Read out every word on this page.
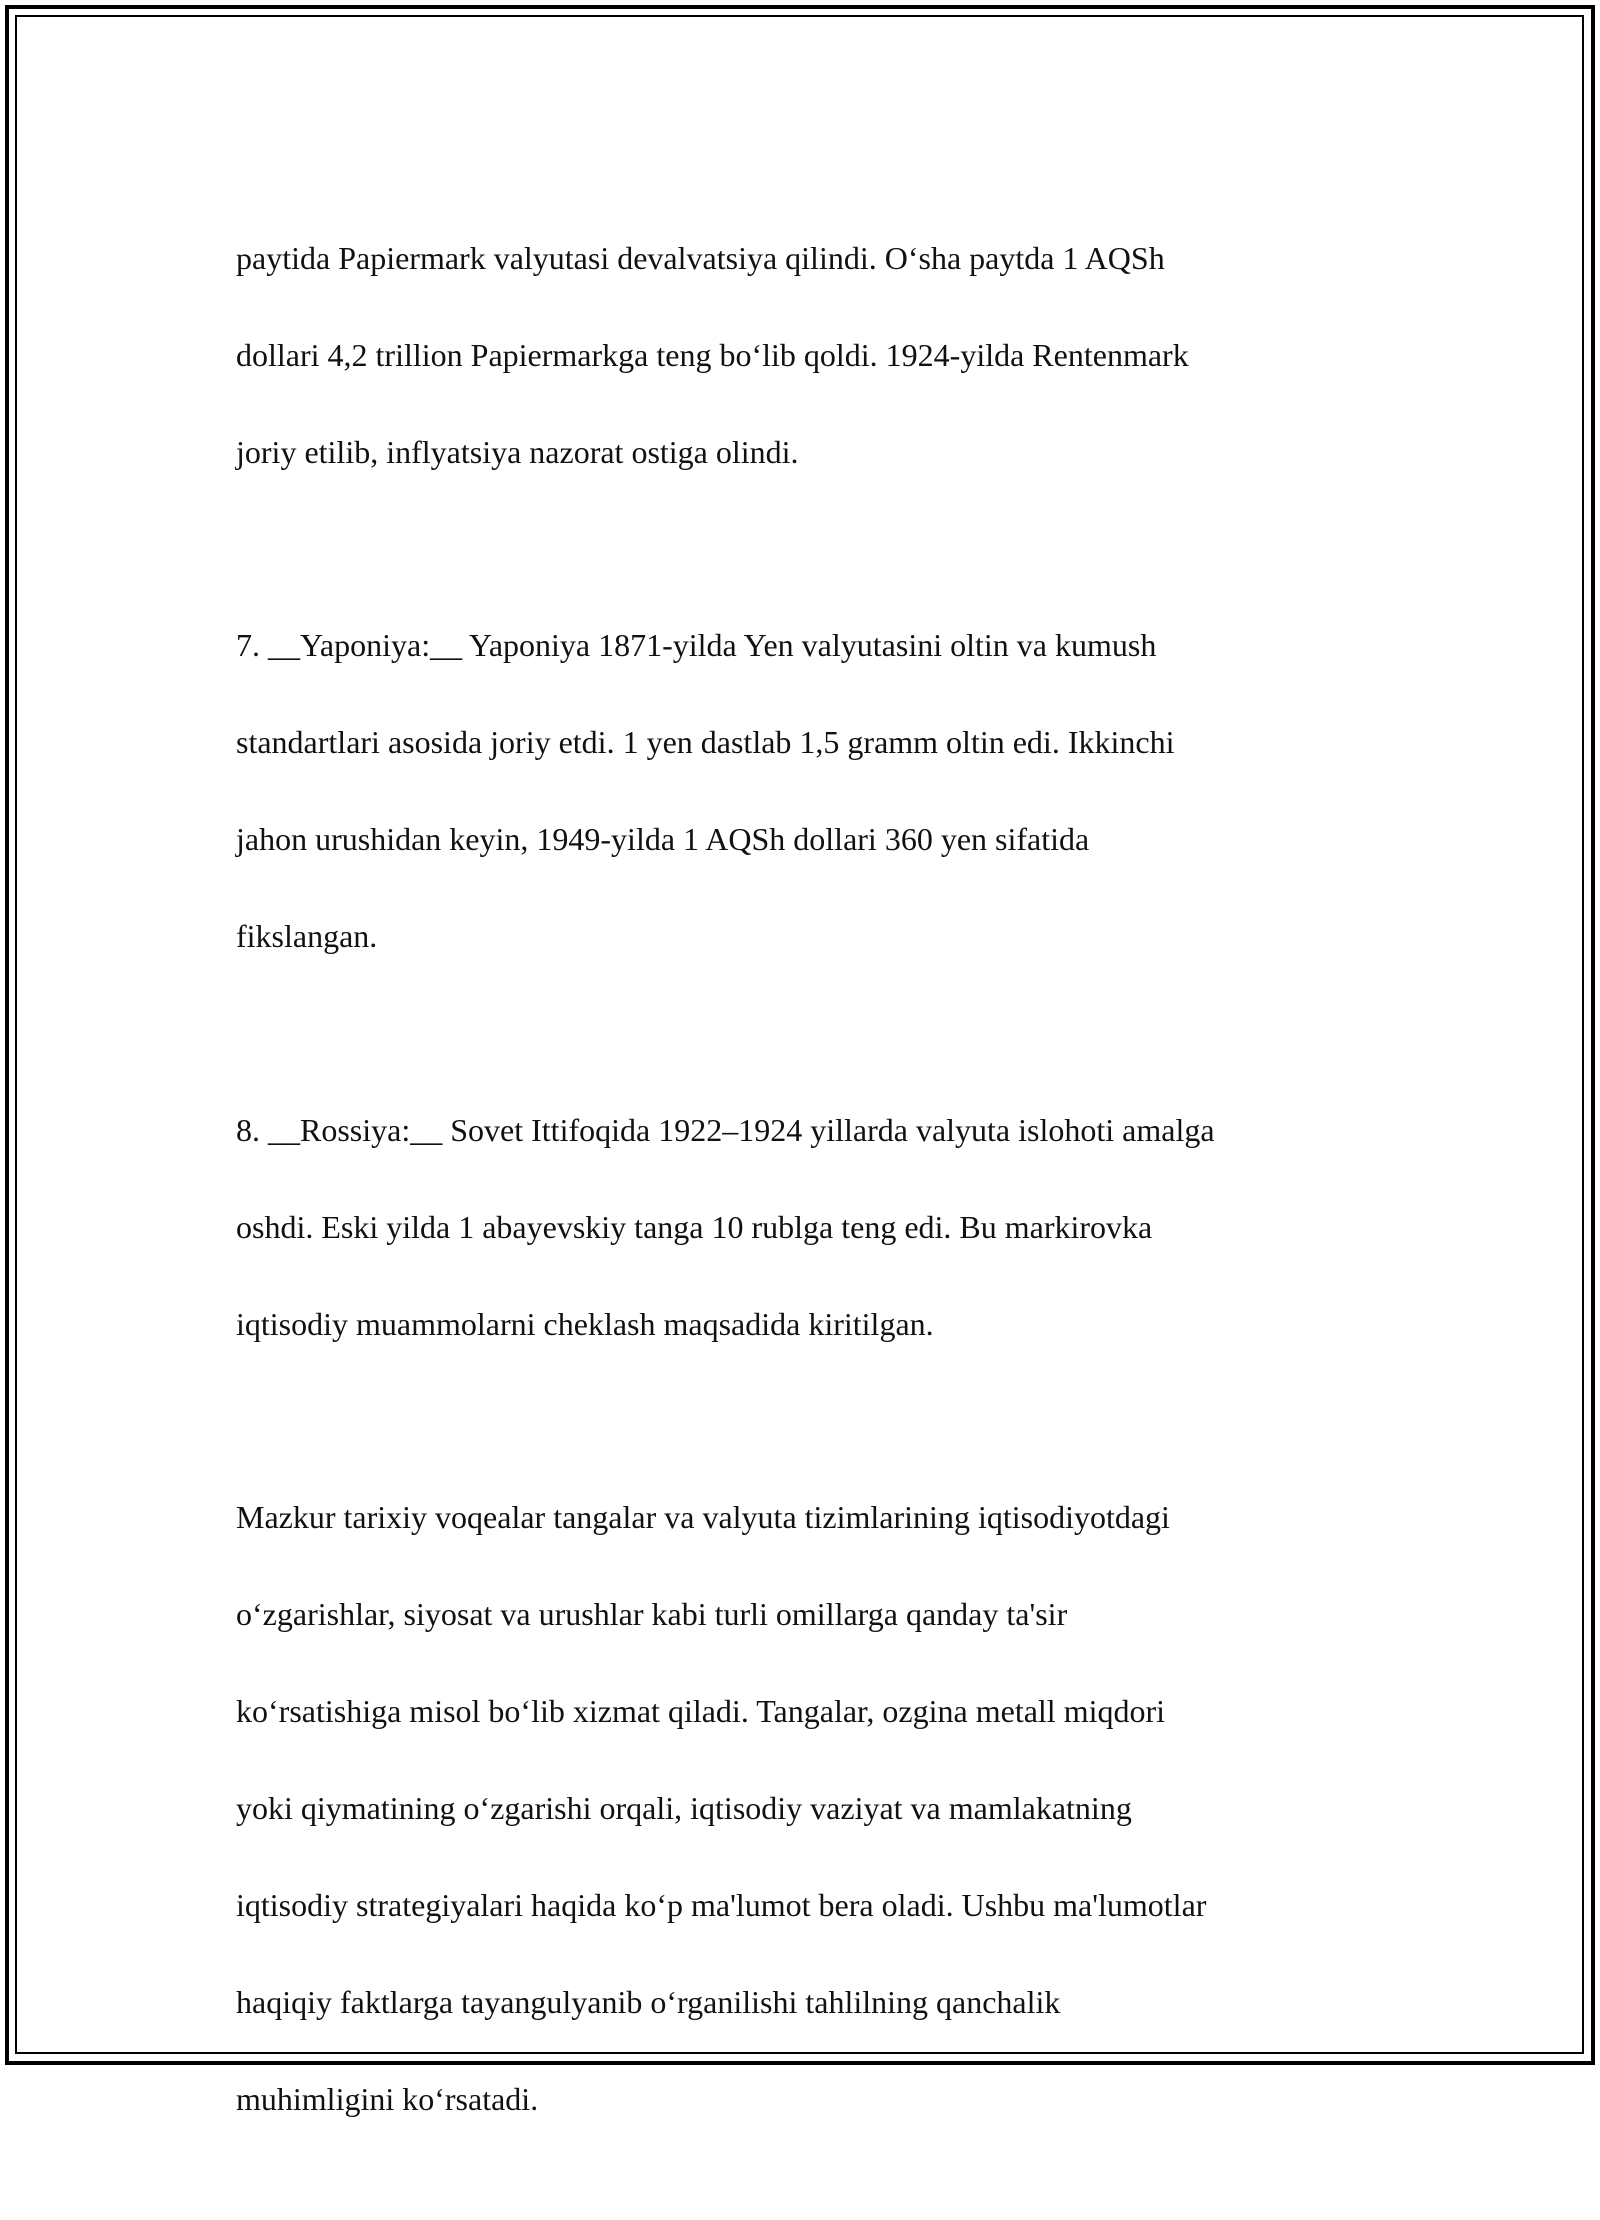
paytida Papiermark valyutasi devalvatsiya qilindi. O‘sha paytda 1 AQSh

dollari 4,2 trillion Papiermarkga teng bo‘lib qoldi. 1924-yilda Rentenmark

joriy etilib, inflyatsiya nazorat ostiga olindi.

7. __Yaponiya:__ Yaponiya 1871-yilda Yen valyutasini oltin va kumush

standartlari asosida joriy etdi. 1 yen dastlab 1,5 gramm oltin edi. Ikkinchi

jahon urushidan keyin, 1949-yilda 1 AQSh dollari 360 yen sifatida

fikslangan.

8. __Rossiya:__ Sovet Ittifoqida 1922–1924 yillarda valyuta islohoti amalga

oshdi. Eski yilda 1 abayevskiy tanga 10 rublga teng edi. Bu markirovka

iqtisodiy muammolarni cheklash maqsadida kiritilgan.

Mazkur tarixiy voqealar tangalar va valyuta tizimlarining iqtisodiyotdagi

o‘zgarishlar, siyosat va urushlar kabi turli omillarga qanday ta'sir

ko‘rsatishiga misol bo‘lib xizmat qiladi. Tangalar, ozgina metall miqdori

yoki qiymatining o‘zgarishi orqali, iqtisodiy vaziyat va mamlakatning

iqtisodiy strategiyalari haqida ko‘p ma'lumot bera oladi. Ushbu ma'lumotlar

haqiqiy faktlarga tayangulyanib o‘rganilishi tahlilning qanchalik

muhimligini ko‘rsatadi.
